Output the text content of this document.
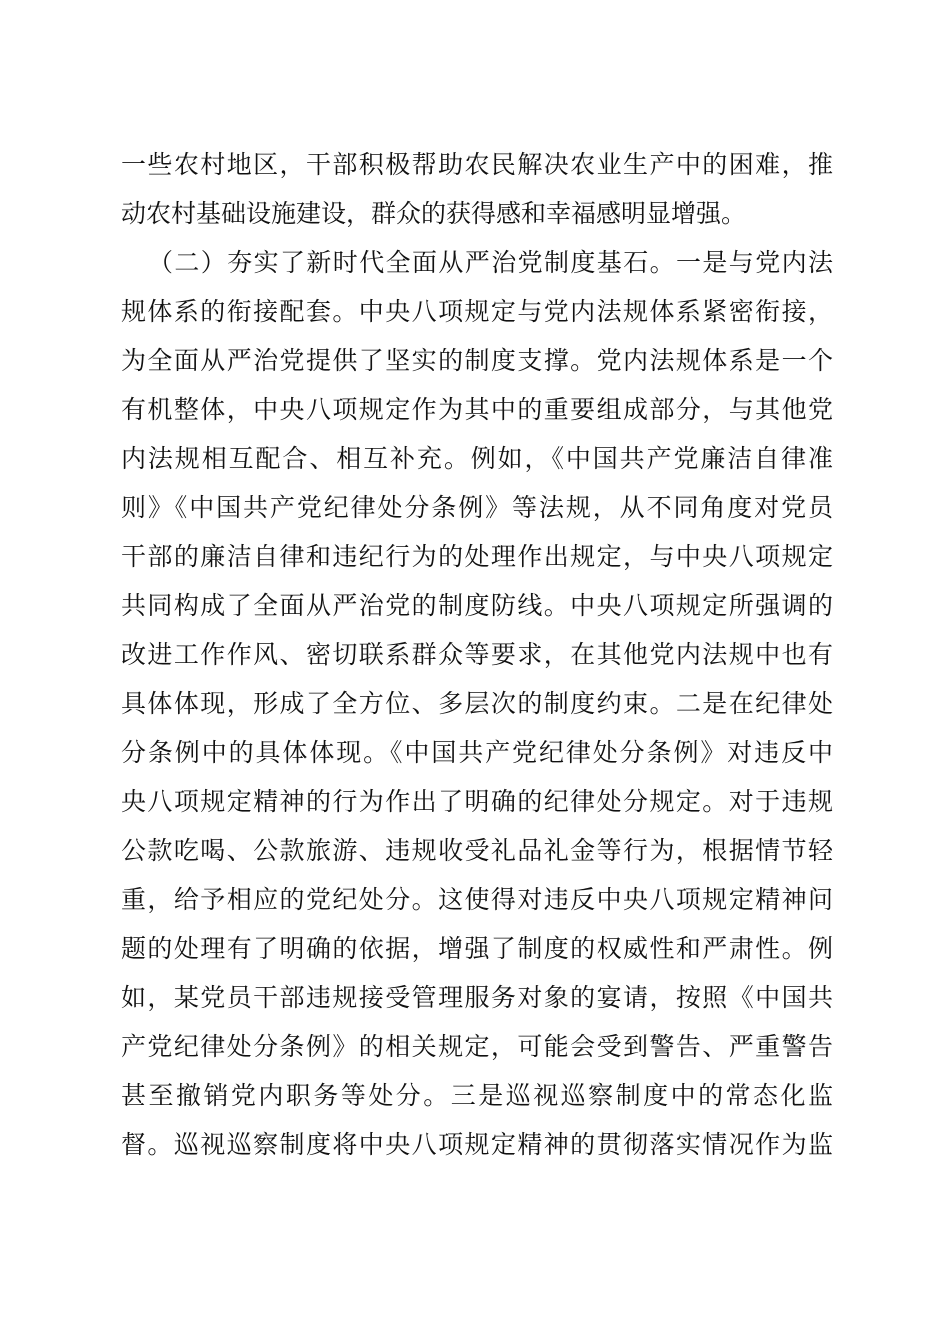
一些农村地区，干部积极帮助农民解决农业生产中的困难，推
动农村基础设施建设，群众的获得感和幸福感明显增强。
（二）夯实了新时代全面从严治党制度基石。一是与党内法
规体系的衔接配套。中央八项规定与党内法规体系紧密衔接，
为全面从严治党提供了坚实的制度支撑。党内法规体系是一个
有机整体，中央八项规定作为其中的重要组成部分，与其他党
内法规相互配合、相互补充。例如，《中国共产党廉洁自律准
则》《中国共产党纪律处分条例》等法规，从不同角度对党员
干部的廉洁自律和违纪行为的处理作出规定，与中央八项规定
共同构成了全面从严治党的制度防线。中央八项规定所强调的
改进工作作风、密切联系群众等要求，在其他党内法规中也有
具体体现，形成了全方位、多层次的制度约束。二是在纪律处
分条例中的具体体现。《中国共产党纪律处分条例》对违反中
央八项规定精神的行为作出了明确的纪律处分规定。对于违规
公款吃喝、公款旅游、违规收受礼品礼金等行为，根据情节轻
重，给予相应的党纪处分。这使得对违反中央八项规定精神问
题的处理有了明确的依据，增强了制度的权威性和严肃性。例
如，某党员干部违规接受管理服务对象的宴请，按照《中国共
产党纪律处分条例》的相关规定，可能会受到警告、严重警告
甚至撤销党内职务等处分。三是巡视巡察制度中的常态化监
督。巡视巡察制度将中央八项规定精神的贯彻落实情况作为监
